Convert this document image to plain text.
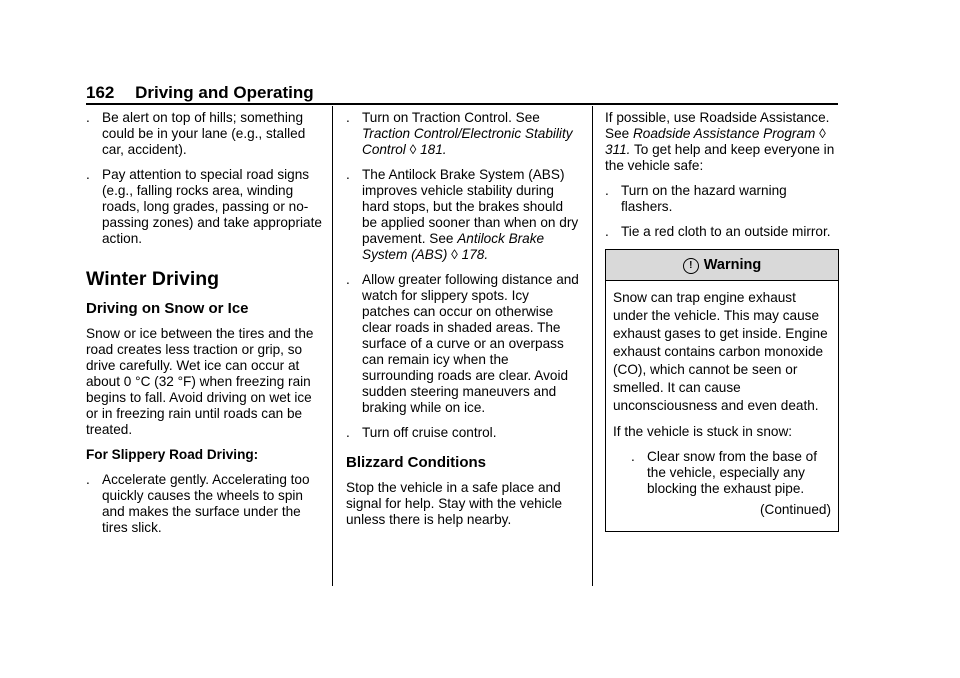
162 Driving and Operating
. Be alert on top of hills; something could be in your lane (e.g., stalled car, accident).
. Pay attention to special road signs (e.g., falling rocks area, winding roads, long grades, passing or no-passing zones) and take appropriate action.
Winter Driving
Driving on Snow or Ice

Snow or ice between the tires and the road creates less traction or grip, so drive carefully. Wet ice can occur at about 0 °C (32 °F) when freezing rain begins to fall. Avoid driving on wet ice or in freezing rain until roads can be treated.

For Slippery Road Driving:
. Accelerate gently. Accelerating too quickly causes the wheels to spin and makes the surface under the tires slick.
. Turn on Traction Control. See Traction Control/Electronic Stability Control ◊ 181.
. The Antilock Brake System (ABS) improves vehicle stability during hard stops, but the brakes should be applied sooner than when on dry pavement. See Antilock Brake System (ABS) ◊ 178.
. Allow greater following distance and watch for slippery spots. Icy patches can occur on otherwise clear roads in shaded areas. The surface of a curve or an overpass can remain icy when the surrounding roads are clear. Avoid sudden steering maneuvers and braking while on ice.
. Turn off cruise control.
Blizzard Conditions

Stop the vehicle in a safe place and signal for help. Stay with the vehicle unless there is help nearby.

If possible, use Roadside Assistance. See Roadside Assistance Program ◊ 311. To get help and keep everyone in the vehicle safe:

. Turn on the hazard warning flashers.
. Tie a red cloth to an outside mirror.
! Warning

Snow can trap engine exhaust under the vehicle. This may cause exhaust gases to get inside. Engine exhaust contains carbon monoxide (CO), which cannot be seen or smelled. It can cause unconsciousness and even death.

If the vehicle is stuck in snow:

. Clear snow from the base of the vehicle, especially any blocking the exhaust pipe.

(Continued)
